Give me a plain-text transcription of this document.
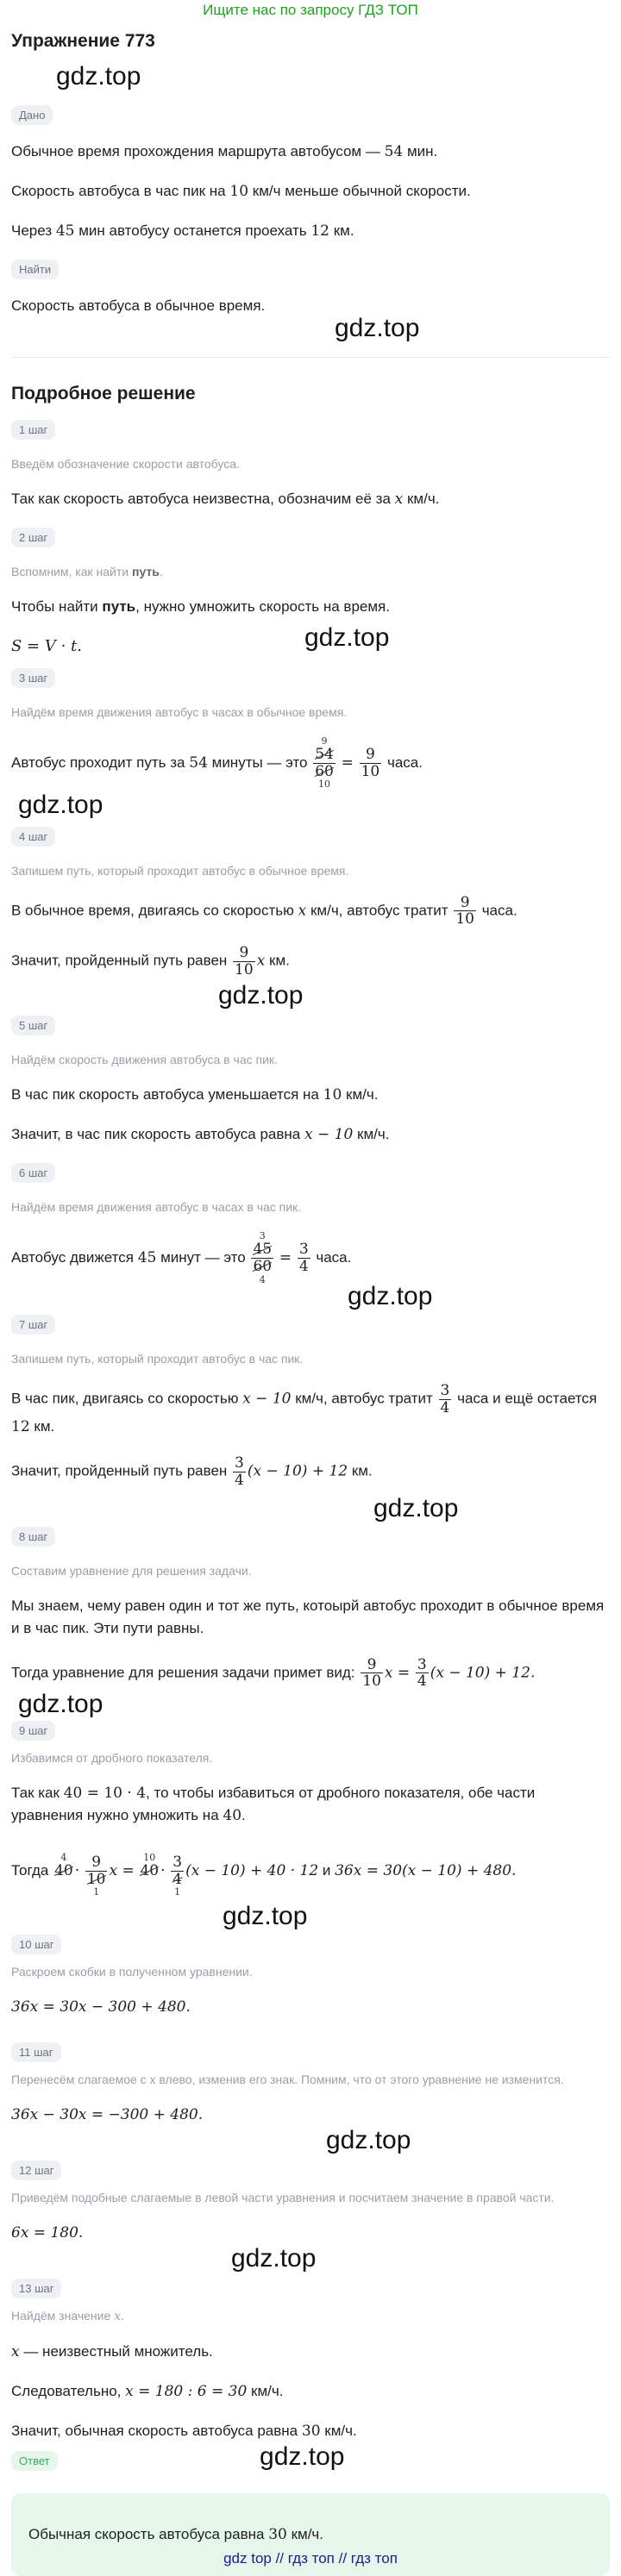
Ищите нас по запросу ГДЗ ТОП
Упражнение 773
gdz.top
Дано

Обычное время прохождения маршрута автобусом — 54 мин.

Скорость автобуса в час пик на 10 км/ч меньше обычной скорости.

Через 45 мин автобусу останется проехать 12 км.

Найти

Скорость автобуса в обычное время.

gdz.top
Подробное решение
1 шаг
Введём обозначение скорости автобуса.

Так как скорость автобуса неизвестна, обозначим её за x км/ч.

2 шаг
Вспомним, как найти путь.

Чтобы найти путь, нужно умножить скорость на время.

S = V · t.	gdz.top
3 шаг
Найдём время движения автобус в часах в обычное время.

Автобус проходит путь за 54 минуты — это
9
54
60
10
= $\frac{9}{10}$ часа.

gdz.top
4 шаг
Запишем путь, который проходит автобус в обычное время.

В обычное время, двигаясь со скоростью x км/ч, автобус тратит $\frac{9}{10}$ часа.

Значит, пройденный путь равен $\frac{9}{10}$ x км.

gdz.top
5 шаг
Найдём скорость движения автобуса в час пик.

В час пик скорость автобуса уменьшается на 10 км/ч.

Значит, в час пик скорость автобуса равна x − 10 км/ч.

6 шаг
Найдём время движения автобус в часах в час пик.

Автобус движется 45 минут — это
3
45
60
4
= $\frac{3}{4}$ часа.

gdz.top
7 шаг
Запишем путь, который проходит автобус в час пик.

В час пик, двигаясь со скоростью x − 10 км/ч, автобус тратит $\frac{3}{4}$ часа и ещё остается 12 км.

Значит, пройденный путь равен $\frac{3}{4} (x - 10) + 12$ км.

gdz.top
8 шаг
Составим уравнение для решения задачи.

Мы знаем, чему равен один и тот же путь, котоырй автобус проходит в обычное время и в час пик. Эти пути равны.

Тогда уравнение для решения задачи примет вид: $\frac{9}{10}$ $x = \frac{3}{4} (x - 10) + 12$.

gdz.top
9 шаг
Избавимся от дробного показателя.

Так как 40 = 10 · 4, то чтобы избавиться от дробного показателя, обе части уравнения нужно умножить на 40.

Тогда
4
40
·
9
10
1
x =
10
40
·
3
4
1
(x − 10) + 40 · 12 и 36x = 30(x − 10) + 480.

gdz.top
10 шаг
Раскроем скобки в полученном уравнении.

36x = 30x − 300 + 480.

11 шаг
Перенесём слагаемое с x влево, изменив его знак. Помним, что от этого уравнение не изменится.

36x − 30x = −300 + 480.

gdz.top
12 шаг
Приведём подобные слагаемые в левой части уравнения и посчитаем значение в правой части.

6x = 180.

gdz.top
13 шаг
Найдём значение x.

x — неизвестный множитель.

Следовательно, x = 180 : 6 = 30 км/ч.

Значит, обычная скорость автобуса равна 30 км/ч.

Ответ	gdz.top
Обычная скорость автобуса равна 30 км/ч.
gdz top // гдз топ // гдз топ
